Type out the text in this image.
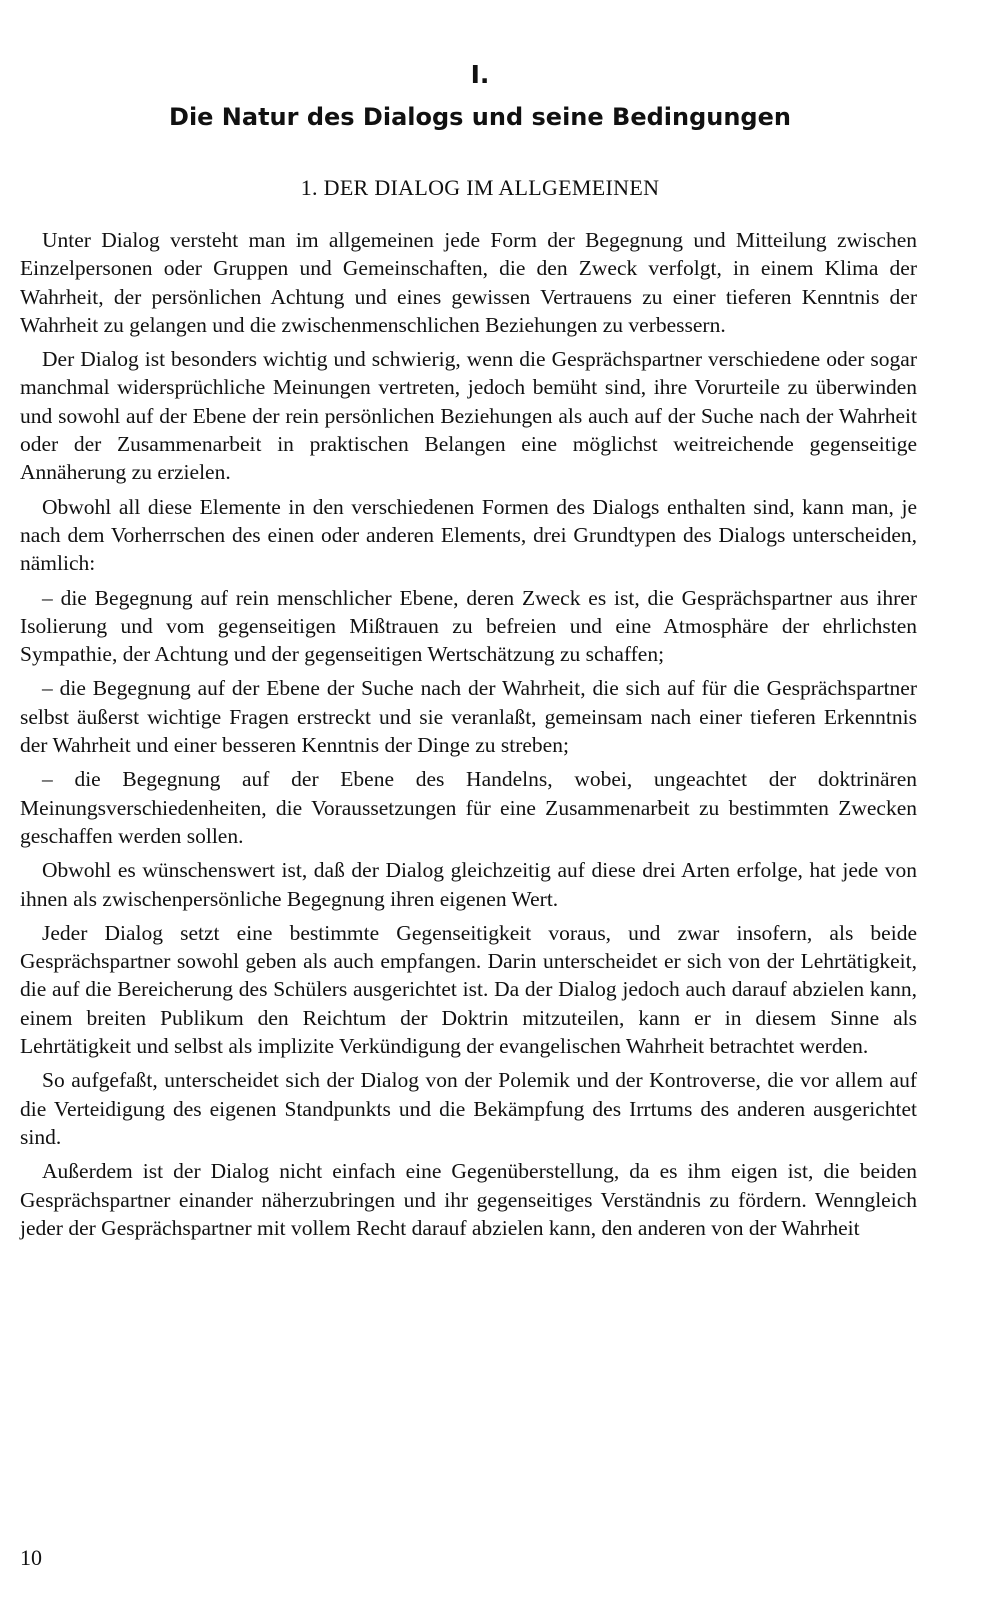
I.
Die Natur des Dialogs und seine Bedingungen
1. DER DIALOG IM ALLGEMEINEN

Unter Dialog versteht man im allgemeinen jede Form der Begegnung und Mitteilung zwischen Einzelpersonen oder Gruppen und Gemeinschaften, die den Zweck verfolgt, in einem Klima der Wahrheit, der persönlichen Achtung und eines gewissen Vertrauens zu einer tieferen Kenntnis der Wahrheit zu gelangen und die zwischenmenschlichen Beziehungen zu verbessern.

Der Dialog ist besonders wichtig und schwierig, wenn die Gesprächspartner verschiedene oder sogar manchmal widersprüchliche Meinungen vertreten, jedoch bemüht sind, ihre Vorurteile zu überwinden und sowohl auf der Ebene der rein persönlichen Beziehungen als auch auf der Suche nach der Wahrheit oder der Zusammenarbeit in praktischen Belangen eine möglichst weitreichende gegenseitige Annäherung zu erzielen.

Obwohl all diese Elemente in den verschiedenen Formen des Dialogs enthalten sind, kann man, je nach dem Vorherrschen des einen oder anderen Elements, drei Grundtypen des Dialogs unterscheiden, nämlich:

– die Begegnung auf rein menschlicher Ebene, deren Zweck es ist, die Gesprächspartner aus ihrer Isolierung und vom gegenseitigen Mißtrauen zu befreien und eine Atmosphäre der ehrlichsten Sympathie, der Achtung und der gegenseitigen Wertschätzung zu schaffen;

– die Begegnung auf der Ebene der Suche nach der Wahrheit, die sich auf für die Gesprächspartner selbst äußerst wichtige Fragen erstreckt und sie veranlaßt, gemeinsam nach einer tieferen Erkenntnis der Wahrheit und einer besseren Kenntnis der Dinge zu streben;

– die Begegnung auf der Ebene des Handelns, wobei, ungeachtet der doktrinären Meinungsverschiedenheiten, die Voraussetzungen für eine Zusammenarbeit zu bestimmten Zwecken geschaffen werden sollen.

Obwohl es wünschenswert ist, daß der Dialog gleichzeitig auf diese drei Arten erfolge, hat jede von ihnen als zwischenpersönliche Begegnung ihren eigenen Wert.

Jeder Dialog setzt eine bestimmte Gegenseitigkeit voraus, und zwar insofern, als beide Gesprächspartner sowohl geben als auch empfangen. Darin unterscheidet er sich von der Lehrtätigkeit, die auf die Bereicherung des Schülers ausgerichtet ist. Da der Dialog jedoch auch darauf abzielen kann, einem breiten Publikum den Reichtum der Doktrin mitzuteilen, kann er in diesem Sinne als Lehrtätigkeit und selbst als implizite Verkündigung der evangelischen Wahrheit betrachtet werden.

So aufgefaßt, unterscheidet sich der Dialog von der Polemik und der Kontroverse, die vor allem auf die Verteidigung des eigenen Standpunkts und die Bekämpfung des Irrtums des anderen ausgerichtet sind.

Außerdem ist der Dialog nicht einfach eine Gegenüberstellung, da es ihm eigen ist, die beiden Gesprächspartner einander näherzubringen und ihr gegenseitiges Verständnis zu fördern. Wenngleich jeder der Gesprächspartner mit vollem Recht darauf abzielen kann, den anderen von der Wahrheit

10
